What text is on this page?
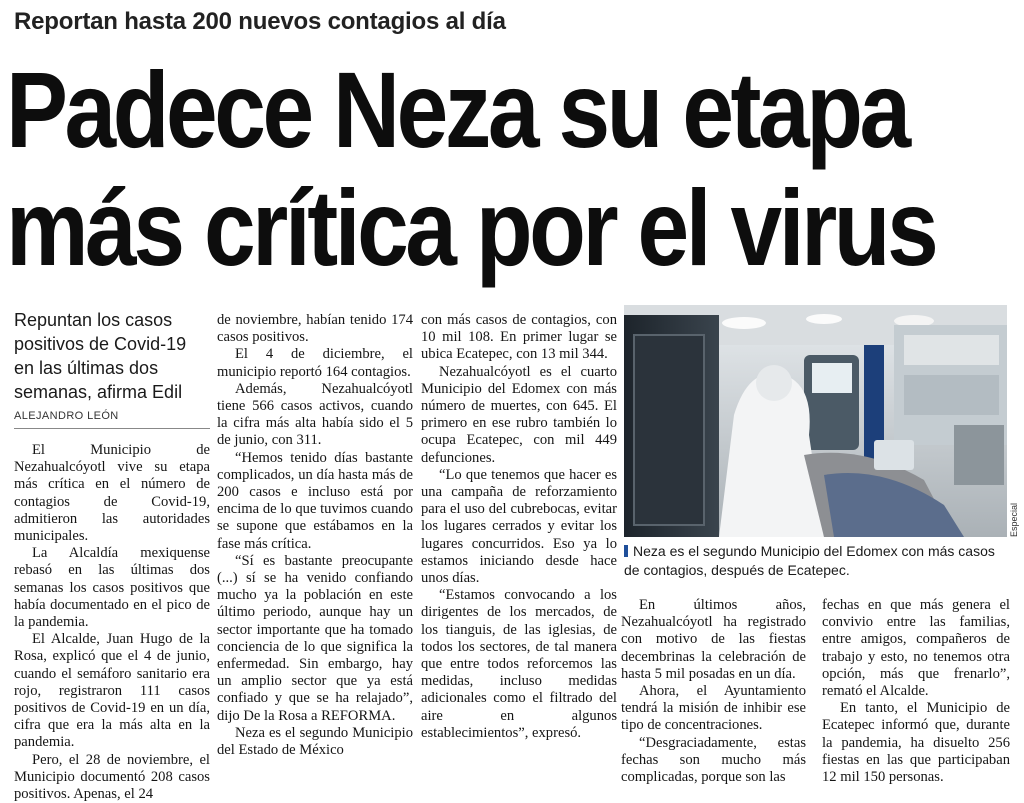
Reportan hasta 200 nuevos contagios al día
Padece Neza su etapa
más crítica por el virus
Repuntan los casos positivos de Covid-19 en las últimas dos semanas, afirma Edil
ALEJANDRO LEÓN

El Municipio de Nezahualcóyotl vive su etapa más crítica en el número de contagios de Covid-19, admitieron las autoridades municipales.

La Alcaldía mexiquense rebasó en las últimas dos semanas los casos positivos que había documentado en el pico de la pandemia.

El Alcalde, Juan Hugo de la Rosa, explicó que el 4 de junio, cuando el semáforo sanitario era rojo, registraron 111 casos positivos de Covid-19 en un día, cifra que era la más alta en la pandemia.

Pero, el 28 de noviembre, el Municipio documentó 208 casos positivos. Apenas, el 24

de noviembre, habían tenido 174 casos positivos.

El 4 de diciembre, el municipio reportó 164 contagios.

Además, Nezahualcóyotl tiene 566 casos activos, cuando la cifra más alta había sido el 5 de junio, con 311.

“Hemos tenido días bastante complicados, un día hasta más de 200 casos e incluso está por encima de lo que tuvimos cuando se supone que estábamos en la fase más crítica.

“Sí es bastante preocupante (...) sí se ha venido confiando mucho ya la población en este último periodo, aunque hay un sector importante que ha tomado conciencia de lo que significa la enfermedad. Sin embargo, hay un amplio sector que ya está confiado y que se ha relajado”, dijo De la Rosa a REFORMA.

Neza es el segundo Municipio del Estado de México

con más casos de contagios, con 10 mil 108. En primer lugar se ubica Ecatepec, con 13 mil 344.

Nezahualcóyotl es el cuarto Municipio del Edomex con más número de muertes, con 645. El primero en ese rubro también lo ocupa Ecatepec, con mil 449 defunciones.

“Lo que tenemos que hacer es una campaña de reforzamiento para el uso del cubrebocas, evitar los lugares cerrados y evitar los lugares concurridos. Eso ya lo estamos iniciando desde hace unos días.

“Estamos convocando a los dirigentes de los mercados, de los tianguis, de las iglesias, de todos los sectores, de tal manera que entre todos reforcemos las medidas, incluso medidas adicionales como el filtrado del aire en algunos establecimientos”, expresó.

Especial
Neza es el segundo Municipio del Edomex con más casos de contagios, después de Ecatepec.

En últimos años, Nezahualcóyotl ha registrado con motivo de las fiestas decembrinas la celebración de hasta 5 mil posadas en un día.

Ahora, el Ayuntamiento tendrá la misión de inhibir ese tipo de concentraciones.

“Desgraciadamente, estas fechas son mucho más complicadas, porque son las

fechas en que más genera el convivio entre las familias, entre amigos, compañeros de trabajo y esto, no tenemos otra opción, más que frenarlo”, remató el Alcalde.

En tanto, el Municipio de Ecatepec informó que, durante la pandemia, ha disuelto 256 fiestas en las que participaban 12 mil 150 personas.
